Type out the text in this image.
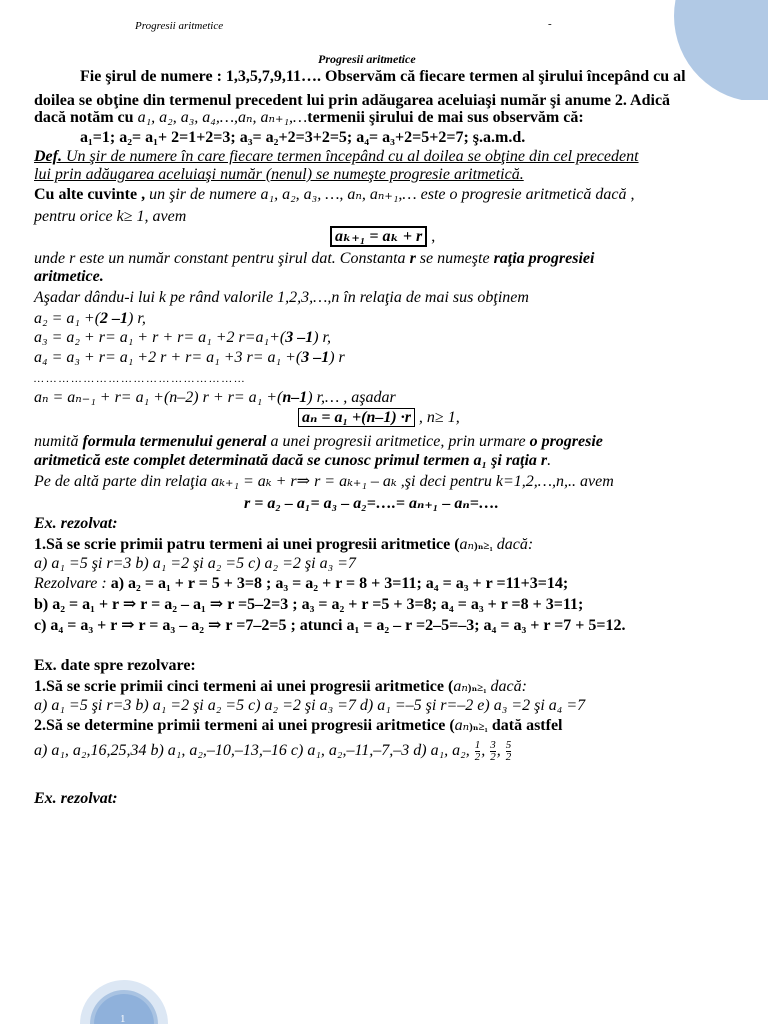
1
Progresii aritmetice	-
Progresii aritmetice
Fie şirul de numere : 1,3,5,7,9,11…. Observăm că fiecare termen al şirului începând cu al
doilea se obţine din termenul precedent lui prin adăugarea aceluiaşi număr şi anume 2. Adică
dacă notăm cu a₁, a₂, a₃, a₄,…,aₙ, aₙ₊₁,…termenii şirului de mai sus observăm că:
a₁=1; a₂= a₁+ 2=1+2=3; a₃= a₂+2=3+2=5; a₄= a₃+2=5+2=7; ş.a.m.d.
Def. Un şir de numere în care fiecare termen începând cu al doilea se obţine din cel precedent
lui prin adăugarea aceluiaşi număr (nenul) se numeşte progresie aritmetică.
Cu alte cuvinte , un şir de numere a₁, a₂, a₃, …, aₙ, aₙ₊₁,… este o progresie aritmetică dacă ,
pentru orice k≥ 1, avem
aₖ₊₁ = aₖ + r ,
unde r este un număr constant pentru şirul dat. Constanta r se numeşte raţia progresiei
aritmetice.
Aşadar dându-i lui k pe rând valorile 1,2,3,…,n în relaţia de mai sus obţinem
a₂ = a₁ +(2 –1) r,
a₃ = a₂ + r= a₁ + r + r= a₁ +2 r=a₁+(3 –1) r,
a₄ = a₃ + r= a₁ +2 r + r= a₁ +3 r= a₁ +(3 –1) r
… … … … … … … … … … … … … … … … …
aₙ = aₙ₋₁ + r= a₁ +(n–2) r + r= a₁ +(n–1) r,… , aşadar
aₙ = a₁ +(n–1) ·r , n≥ 1,
numită formula termenului general a unei progresii aritmetice, prin urmare o progresie
aritmetică este complet determinată dacă se cunosc primul termen a₁ şi raţia r.
Pe de altă parte din relaţia aₖ₊₁ = aₖ + r⇒ r = aₖ₊₁ – aₖ ,şi deci pentru k=1,2,…,n,.. avem
r = a₂ – a₁= a₃ – a₂=….= aₙ₊₁ – aₙ=….
Ex. rezolvat:
1.Să se scrie primii patru termeni ai unei progresii aritmetice (aₙ)ₙ≥₁ dacă:
a) a₁ =5 şi r=3 b) a₁ =2 şi a₂ =5 c) a₂ =2 şi a₃ =7
Rezolvare : a) a₂ = a₁ + r = 5 + 3=8 ; a₃ = a₂ + r = 8 + 3=11; a₄ = a₃ + r =11+3=14;
b) a₂ = a₁ + r ⇒ r = a₂ – a₁ ⇒ r =5–2=3 ; a₃ = a₂ + r =5 + 3=8; a₄ = a₃ + r =8 + 3=11;
c) a₄ = a₃ + r ⇒ r = a₃ – a₂ ⇒ r =7–2=5 ; atunci a₁ = a₂ – r =2–5=–3; a₄ = a₃ + r =7 + 5=12.
Ex. date spre rezolvare:
1.Să se scrie primii cinci termeni ai unei progresii aritmetice (aₙ)ₙ≥₁ dacă:
a) a₁ =5 şi r=3 b) a₁ =2 şi a₂ =5 c) a₂ =2 şi a₃ =7 d) a₁ =–5 şi r=–2 e) a₃ =2 şi a₄ =7
2.Să se determine primii termeni ai unei progresii aritmetice (aₙ)ₙ≥₁ dată astfel
a) a₁, a₂,16,25,34 b) a₁, a₂,–10,–13,–16 c) a₁, a₂,–11,–7,–3 d) a₁, a₂, $\frac{1}{2}$ , $\frac{3}{2}$ , $\frac{5}{2}$
Ex. rezolvat:
